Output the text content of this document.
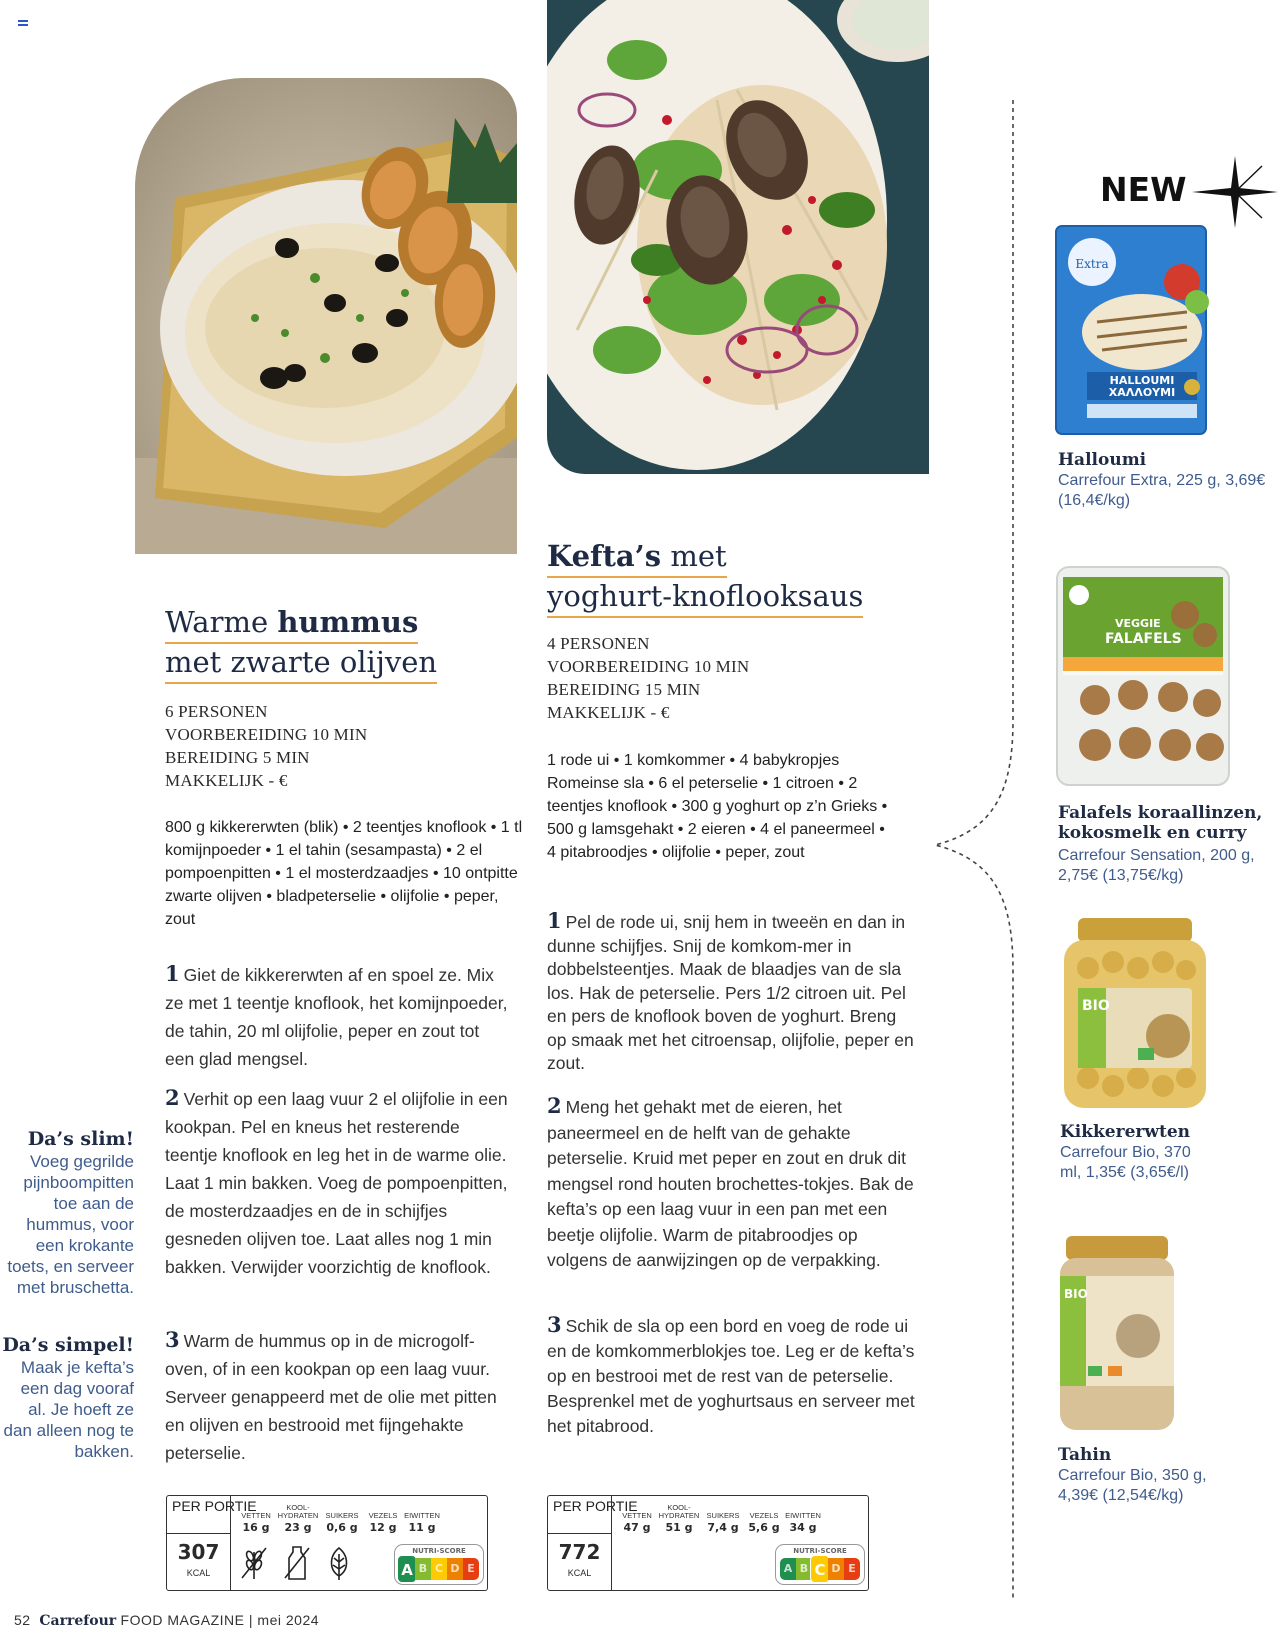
Warme hummus
met zwarte olijven
6 PERSONEN
VOORBEREIDING 10 MIN
BEREIDING 5 MIN
MAKKELIJK - €
800 g kikkererwten (blik) • 2 teentjes knoflook • 1 tl komijnpoeder • 1 el tahin (sesampasta) • 2 el pompoenpitten • 1 el mosterdzaadjes • 10 ontpitte zwarte olijven • bladpeterselie • olijfolie • peper, zout
1 Giet de kikkererwten af en spoel ze. Mix ze met 1 teentje knoflook, het komijnpoeder, de tahin, 20 ml olijfolie, peper en zout tot een glad mengsel.
2 Verhit op een laag vuur 2 el olijfolie in een kookpan. Pel en kneus het resterende teentje knoflook en leg het in de warme olie. Laat 1 min bakken. Voeg de pompoenpitten, de mosterdzaadjes en de in schijfjes gesneden olijven toe. Laat alles nog 1 min bakken. Verwijder voorzichtig de knoflook.
3 Warm de hummus op in de microgolf-oven, of in een kookpan op een laag vuur. Serveer genappeerd met de olie met pitten en olijven en bestrooid met fijngehakte peterselie.
Kefta’s met
yoghurt-knoflooksaus
4 PERSONEN
VOORBEREIDING 10 MIN
BEREIDING 15 MIN
MAKKELIJK - €
1 rode ui • 1 komkommer • 4 babykropjes Romeinse sla • 6 el peterselie • 1 citroen • 2 teentjes knoflook • 300 g yoghurt op z’n Grieks • 500 g lamsgehakt • 2 eieren • 4 el paneermeel • 4 pitabroodjes • olijfolie • peper, zout
1 Pel de rode ui, snij hem in tweeën en dan in dunne schijfjes. Snij de komkom-mer in dobbelsteentjes. Maak de blaadjes van de sla los. Hak de peterselie. Pers 1/2 citroen uit. Pel en pers de knoflook boven de yoghurt. Breng op smaak met het citroensap, olijfolie, peper en zout.
2 Meng het gehakt met de eieren, het paneermeel en de helft van de gehakte peterselie. Kruid met peper en zout en druk dit mengsel rond houten brochettes-tokjes. Bak de kefta’s op een laag vuur in een pan met een beetje olijfolie. Warm de pitabroodjes op volgens de aanwijzingen op de verpakking.
3 Schik de sla op een bord en voeg de rode ui en de komkommerblokjes toe. Leg er de kefta’s op en bestrooi met de rest van de peterselie. Besprenkel met de yoghurtsaus en serveer met het pitabrood.
Da’s slim!
Voeg gegrilde pijnboompitten toe aan de hummus, voor een krokante toets, en serveer met bruschetta.
Da’s simpel!
Maak je kefta’s een dag vooraf al. Je hoeft ze dan alleen nog te bakken.
PER PORTIE
307
KCAL
VETTEN
16 g
KOOL-HYDRATEN
23 g
SUIKERS
0,6 g
VEZELS
12 g
EIWITTEN
11 g
NUTRI-SCORE
A B C D E
PER PORTIE
772
KCAL
VETTEN
47 g
KOOL-HYDRATEN
51 g
SUIKERS
7,4 g
VEZELS
5,6 g
EIWITTEN
34 g
NUTRI-SCORE
A B C D E
NEW
Extra
HALLOUMI
ΧΑΛΛΟΥΜΙ
Halloumi
Carrefour Extra, 225 g, 3,69€ (16,4€/kg)
VEGGIE
FALAFELS
Falafels koraallinzen, kokosmelk en curry
Carrefour Sensation, 200 g, 2,75€ (13,75€/kg)
BIO
Kikkererwten
Carrefour Bio, 370 ml, 1,35€ (3,65€/l)
BIO
Tahin
Carrefour Bio, 350 g, 4,39€ (12,54€/kg)
52 Carrefour FOOD MAGAZINE | mei 2024
